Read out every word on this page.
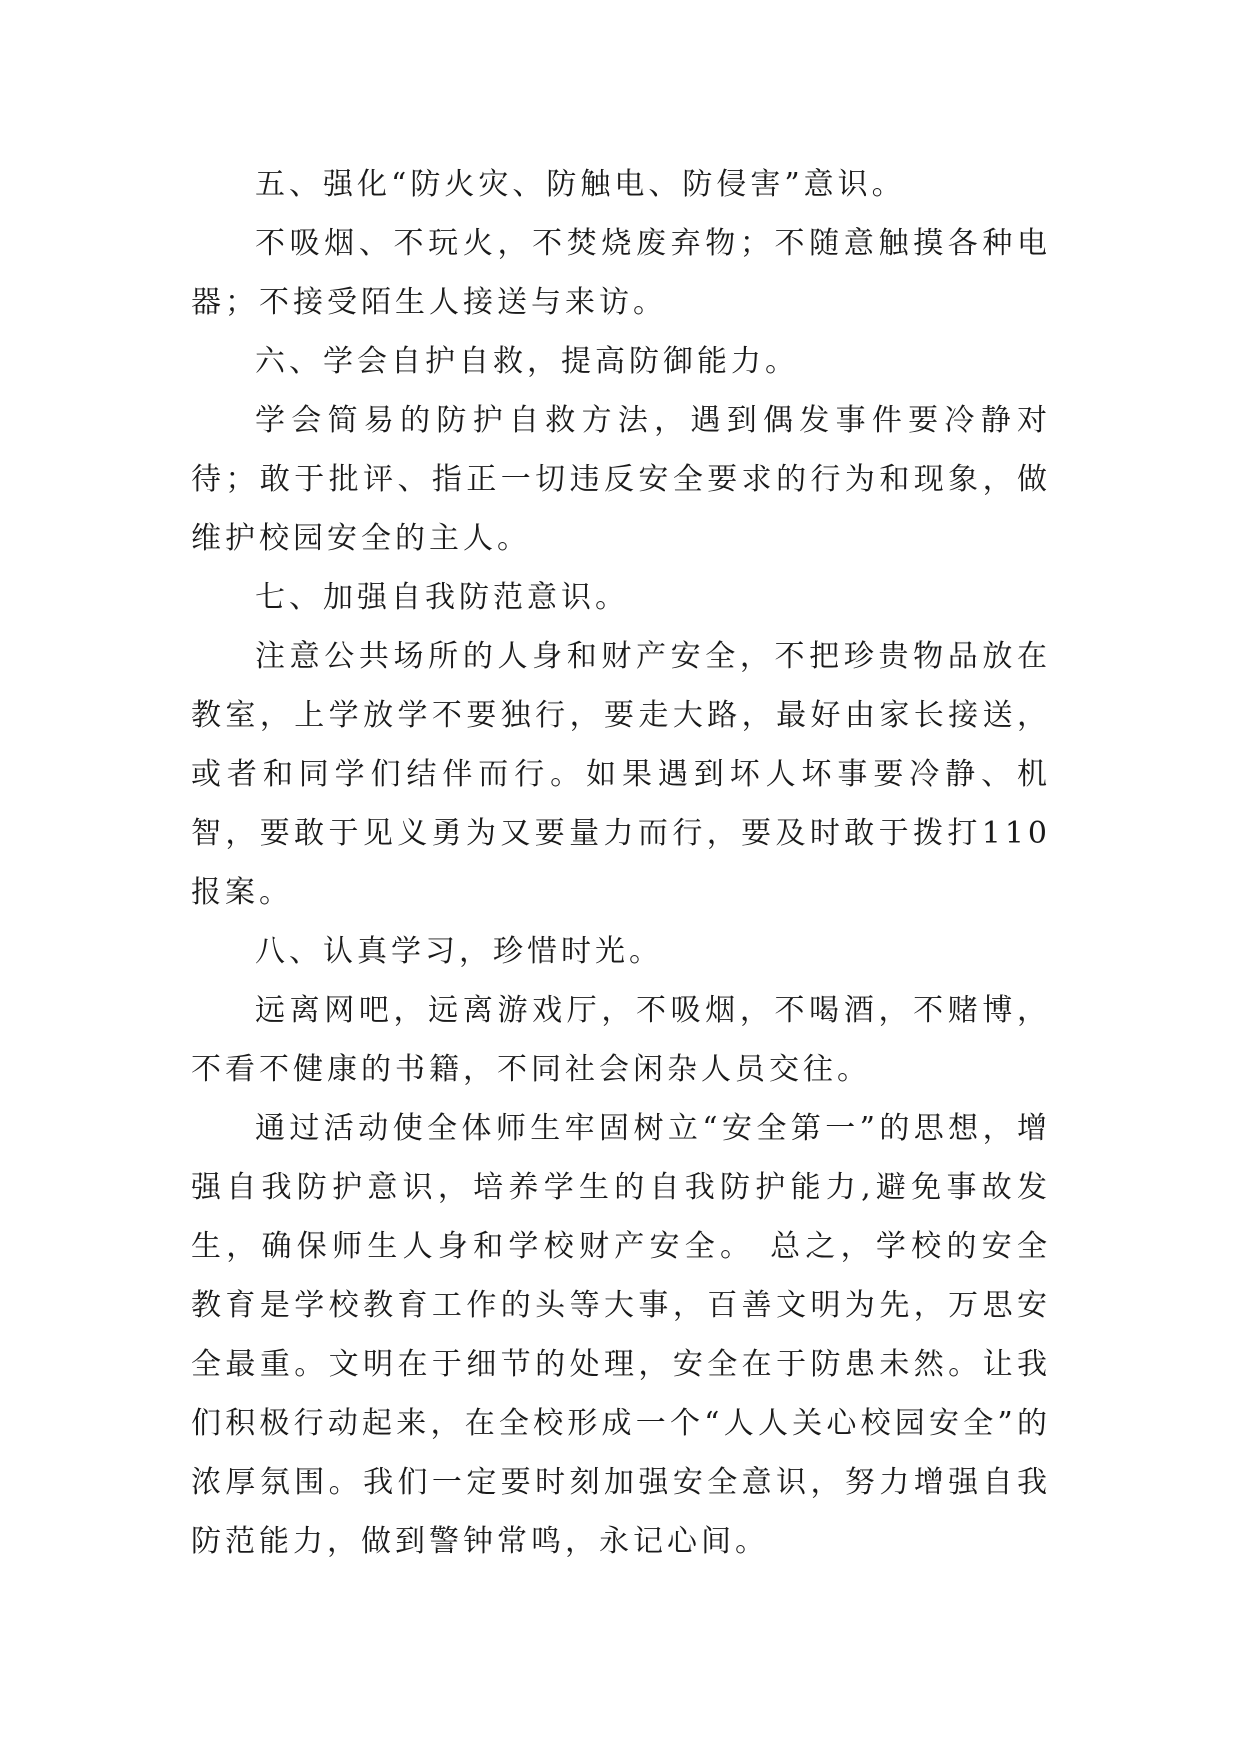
五、强化“防火灾、防触电、防侵害”意识。

不吸烟、不玩火，不焚烧废弃物；不随意触摸各种电器；不接受陌生人接送与来访。

六、学会自护自救，提高防御能力。

学会简易的防护自救方法，遇到偶发事件要冷静对待；敢于批评、指正一切违反安全要求的行为和现象，做维护校园安全的主人。

七、加强自我防范意识。

注意公共场所的人身和财产安全，不把珍贵物品放在教室，上学放学不要独行，要走大路，最好由家长接送，或者和同学们结伴而行。如果遇到坏人坏事要冷静、机智，要敢于见义勇为又要量力而行，要及时敢于拨打110报案。

八、认真学习，珍惜时光。

远离网吧，远离游戏厅，不吸烟，不喝酒，不赌博，不看不健康的书籍，不同社会闲杂人员交往。

通过活动使全体师生牢固树立“安全第一”的思想，增强自我防护意识，培养学生的自我防护能力,避免事故发生，确保师生人身和学校财产安全。 总之，学校的安全教育是学校教育工作的头等大事，百善文明为先，万思安全最重。文明在于细节的处理，安全在于防患未然。让我们积极行动起来，在全校形成一个“人人关心校园安全”的浓厚氛围。我们一定要时刻加强安全意识，努力增强自我防范能力，做到警钟常鸣，永记心间。
